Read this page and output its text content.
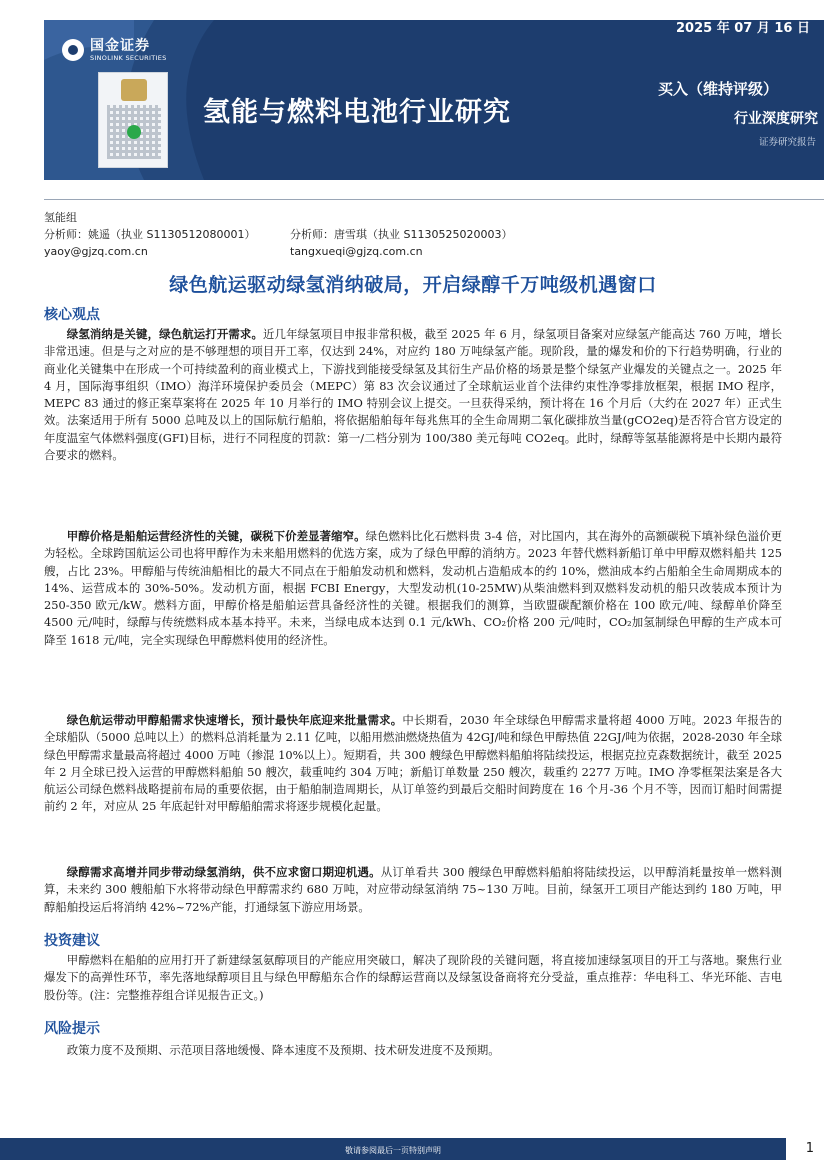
国金证券
SINOLINK SECURITIES
氢能与燃料电池行业研究
2025 年 07 月 16 日
买入（维持评级）
行业深度研究
证券研究报告
氢能组
分析师：姚遥（执业 S1130512080001）	分析师：唐雪琪（执业 S1130525020003）
yaoy@gjzq.com.cn	tangxueqi@gjzq.com.cn
绿色航运驱动绿氢消纳破局，开启绿醇千万吨级机遇窗口
核心观点
绿氢消纳是关键，绿色航运打开需求。近几年绿氢项目申报非常积极，截至 2025 年 6 月，绿氢项目备案对应绿氢产能高达 760 万吨，增长非常迅速。但是与之对应的是不够理想的项目开工率，仅达到 24%，对应约 180 万吨绿氢产能。现阶段，量的爆发和价的下行趋势明确，行业的商业化关键集中在形成一个可持续盈利的商业模式上，下游找到能接受绿氢及其衍生产品价格的场景是整个绿氢产业爆发的关键点之一。2025 年 4 月，国际海事组织（IMO）海洋环境保护委员会（MEPC）第 83 次会议通过了全球航运业首个法律约束性净零排放框架，根据 IMO 程序，MEPC 83 通过的修正案草案将在 2025 年 10 月举行的 IMO 特别会议上提交。一旦获得采纳，预计将在 16 个月后（大约在 2027 年）正式生效。法案适用于所有 5000 总吨及以上的国际航行船舶，将依据船舶每年每兆焦耳的全生命周期二氧化碳排放当量(gCO2eq)是否符合官方设定的年度温室气体燃料强度(GFI)目标，进行不同程度的罚款：第一/二档分别为 100/380 美元每吨 CO2eq。此时，绿醇等氢基能源将是中长期内最符合要求的燃料。
甲醇价格是船舶运营经济性的关键，碳税下价差显著缩窄。绿色燃料比化石燃料贵 3-4 倍，对比国内，其在海外的高额碳税下填补绿色溢价更为轻松。全球跨国航运公司也将甲醇作为未来船用燃料的优选方案，成为了绿色甲醇的消纳方。2023 年替代燃料新船订单中甲醇双燃料船共 125 艘，占比 23%。甲醇船与传统油船相比的最大不同点在于船舶发动机和燃料，发动机占造船成本的约 10%，燃油成本约占船舶全生命周期成本的 14%、运营成本的 30%-50%。发动机方面，根据 FCBI Energy，大型发动机(10-25MW)从柴油燃料到双燃料发动机的船只改装成本预计为 250-350 欧元/kW。燃料方面，甲醇价格是船舶运营具备经济性的关键。根据我们的测算，当欧盟碳配额价格在 100 欧元/吨、绿醇单价降至 4500 元/吨时，绿醇与传统燃料成本基本持平。未来，当绿电成本达到 0.1 元/kWh、CO₂价格 200 元/吨时，CO₂加氢制绿色甲醇的生产成本可降至 1618 元/吨，完全实现绿色甲醇燃料使用的经济性。
绿色航运带动甲醇船需求快速增长，预计最快年底迎来批量需求。中长期看，2030 年全球绿色甲醇需求量将超 4000 万吨。2023 年报告的全球船队（5000 总吨以上）的燃料总消耗量为 2.11 亿吨，以船用燃油燃烧热值为 42GJ/吨和绿色甲醇热值 22GJ/吨为依据，2028-2030 年全球绿色甲醇需求量最高将超过 4000 万吨（掺混 10%以上）。短期看，共 300 艘绿色甲醇燃料船舶将陆续投运，根据克拉克森数据统计，截至 2025 年 2 月全球已投入运营的甲醇燃料船舶 50 艘次，载重吨约 304 万吨；新船订单数量 250 艘次，载重约 2277 万吨。IMO 净零框架法案是各大航运公司绿色燃料战略提前布局的重要依据，由于船舶制造周期长，从订单签约到最后交船时间跨度在 16 个月-36 个月不等，因而订船时间需提前约 2 年，对应从 25 年底起针对甲醇船舶需求将逐步规模化起量。
绿醇需求高增并同步带动绿氢消纳，供不应求窗口期迎机遇。从订单看共 300 艘绿色甲醇燃料船舶将陆续投运，以甲醇消耗量按单一燃料测算，未来约 300 艘船舶下水将带动绿色甲醇需求约 680 万吨，对应带动绿氢消纳 75~130 万吨。目前，绿氢开工项目产能达到约 180 万吨，甲醇船舶投运后将消纳 42%~72%产能，打通绿氢下游应用场景。
投资建议
甲醇燃料在船舶的应用打开了新建绿氢氨醇项目的产能应用突破口，解决了现阶段的关键问题，将直接加速绿氢项目的开工与落地。聚焦行业爆发下的高弹性环节，率先落地绿醇项目且与绿色甲醇船东合作的绿醇运营商以及绿氢设备商将充分受益，重点推荐：华电科工、华光环能、吉电股份等。(注：完整推荐组合详见报告正文。)
风险提示
政策力度不及预期、示范项目落地缓慢、降本速度不及预期、技术研发进度不及预期。
敬请参阅最后一页特别声明	1
